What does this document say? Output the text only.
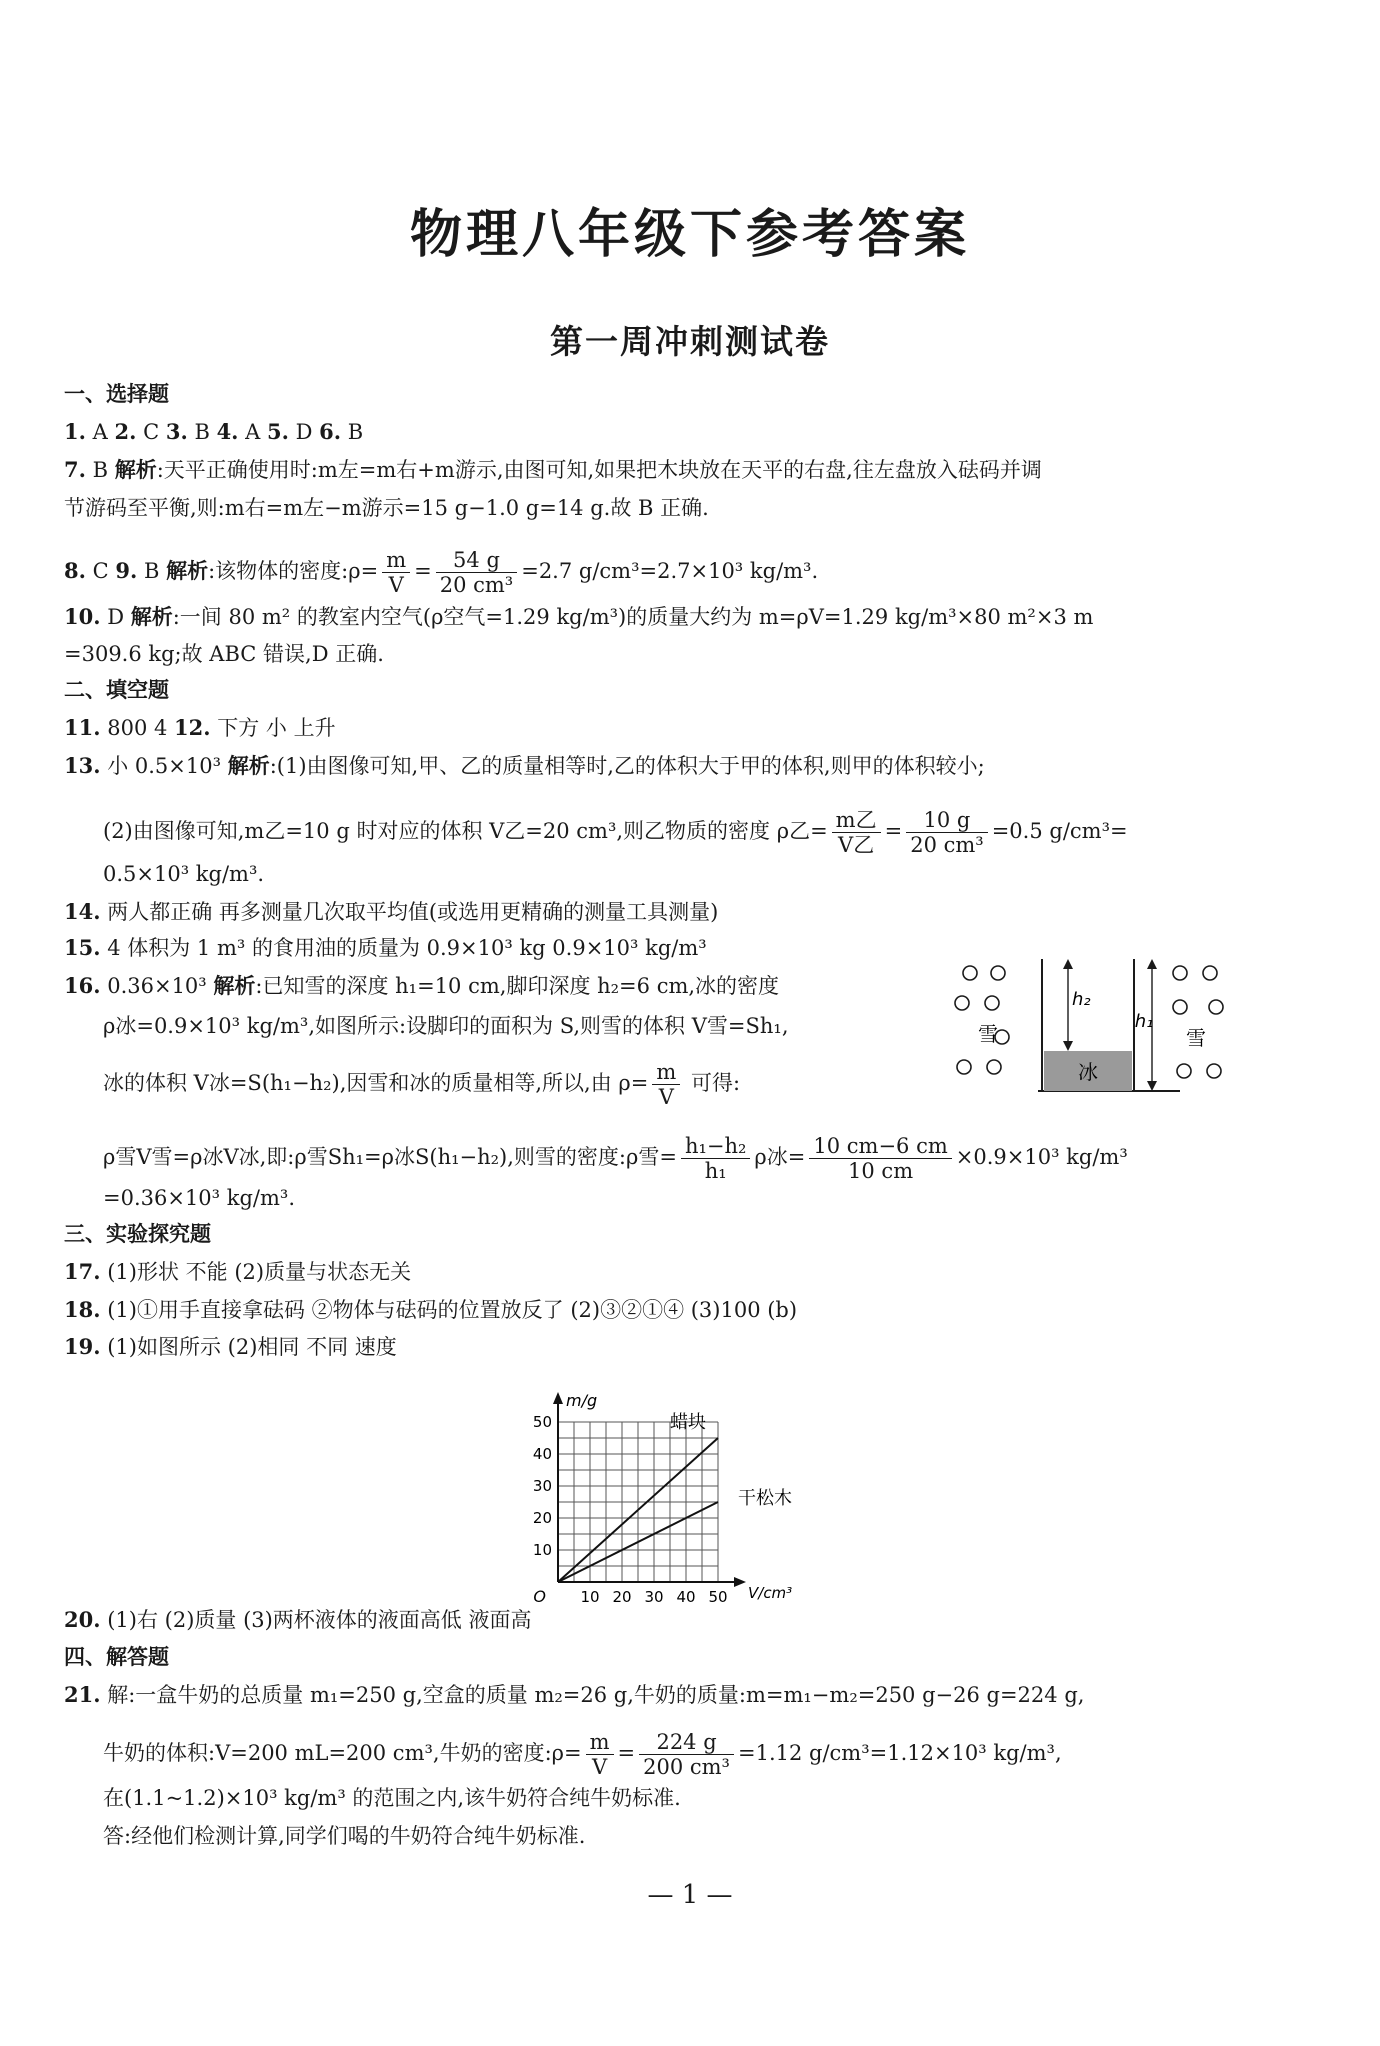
物理八年级下参考答案
第一周冲刺测试卷
一、选择题
1. A 2. C 3. B 4. A 5. D 6. B
7. B 解析:天平正确使用时:m左=m右+m游示,由图可知,如果把木块放在天平的右盘,往左盘放入砝码并调
节游码至平衡,则:m右=m左−m游示=15 g−1.0 g=14 g.故 B 正确.
8. C 9. B 解析:该物体的密度:ρ= $\frac{m}{V} = \frac{54 g}{\text{20 cm³}} =2.7$ g/cm³=2.7×10³ kg/m³.
10. D 解析:一间 80 m² 的教室内空气(ρ空气=1.29 kg/m³)的质量大约为 m=ρV=1.29 kg/m³×80 m²×3 m
=309.6 kg;故 ABC 错误,D 正确.
二、填空题
11. 800 4 12. 下方 小 上升
13. 小 0.5×10³ 解析:(1)由图像可知,甲、乙的质量相等时,乙的体积大于甲的体积,则甲的体积较小;
(2)由图像可知,m乙=10 g 时对应的体积 V乙=20 cm³,则乙物质的密度 ρ乙= m乙
V乙
= $\frac{10 g}{\text{20 cm³}} =0.5$ g/cm³=
0.5×10³ kg/m³.
14. 两人都正确 再多测量几次取平均值(或选用更精确的测量工具测量)
15. 4 体积为 1 m³ 的食用油的质量为 0.9×10³ kg 0.9×10³ kg/m³
16. 0.36×10³ 解析:已知雪的深度 h₁=10 cm,脚印深度 h₂=6 cm,冰的密度
ρ冰=0.9×10³ kg/m³,如图所示:设脚印的面积为 S,则雪的体积 V雪=Sh₁,
冰的体积 V冰=S(h₁−h₂),因雪和冰的质量相等,所以,由 $\rho= \frac{m}{V}$ 可得:
ρ雪V雪=ρ冰V冰,即:ρ雪Sh₁=ρ冰S(h₁−h₂),则雪的密度:ρ雪= $\frac{\text{h₁−h₂}}{\text{h₁}}$ ρ冰= $\frac{10 cm-6 cm}{10 cm} \times 0.9\times 10^3$ kg/m³
=0.36×10³ kg/m³.
h₂
h₁
雪	雪
冰
三、实验探究题
17. (1)形状 不能 (2)质量与状态无关
18. (1)①用手直接拿砝码 ②物体与砝码的位置放反了 (2)③②①④ (3)100 (b)
19. (1)如图所示 (2)相同 不同 速度
10 20 30 40 50
10
20
30
40
50
O
m/g
V/cm³
蜡块
干松木
20. (1)右 (2)质量 (3)两杯液体的液面高低 液面高
四、解答题
21. 解:一盒牛奶的总质量 m₁=250 g,空盒的质量 m₂=26 g,牛奶的质量:m=m₁−m₂=250 g−26 g=224 g,
牛奶的体积:V=200 mL=200 cm³,牛奶的密度:ρ= $\frac{m}{V} = \frac{224 g}{\text{200 cm³}} =1.12$ g/cm³=1.12×10³ kg/m³,
在(1.1~1.2)×10³ kg/m³ 的范围之内,该牛奶符合纯牛奶标准.
答:经他们检测计算,同学们喝的牛奶符合纯牛奶标准.
— 1 —
